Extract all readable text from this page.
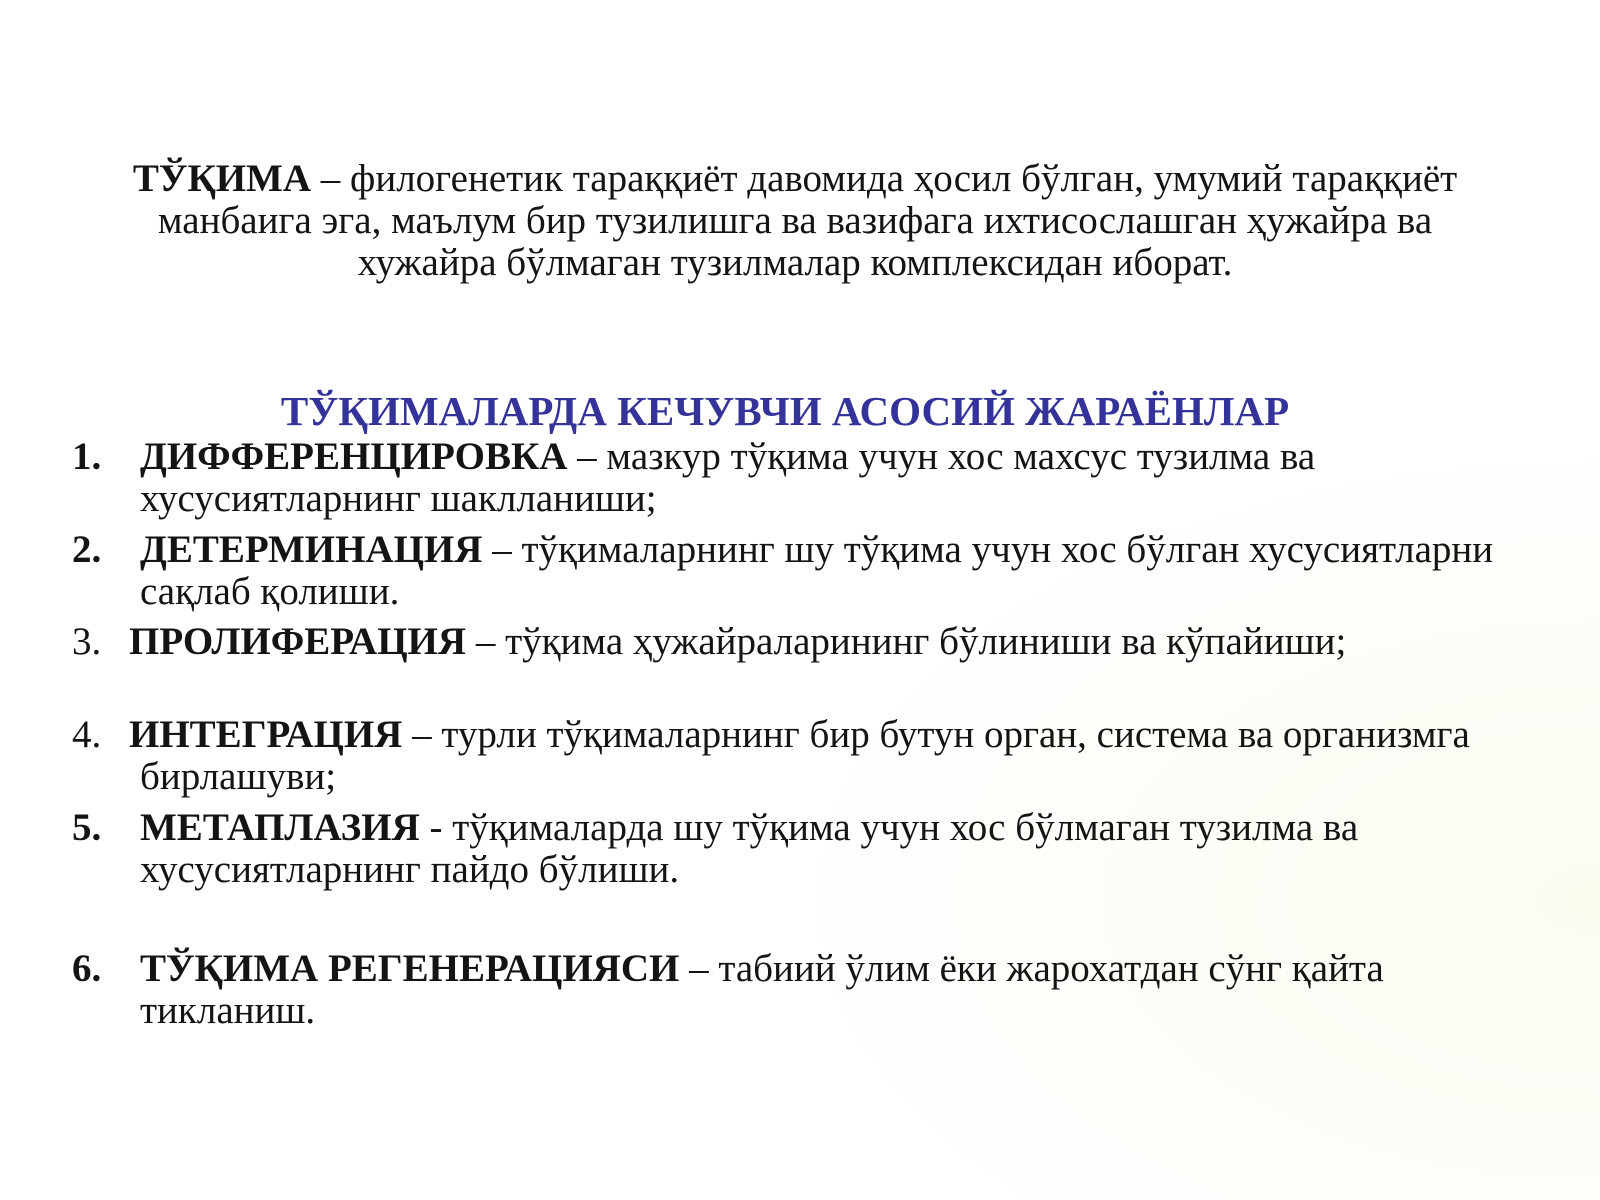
ТЎҚИМА – филогенетик тараққиёт давомида ҳосил бўлган, умумий тараққиёт манбаига эга, маълум бир тузилишга ва вазифага ихтисослашган ҳужайра ва хужайра бўлмаган тузилмалар комплексидан иборат.
ТЎҚИМАЛАРДА КЕЧУВЧИ АСОСИЙ ЖАРАЁНЛАР
1. ДИФФЕРЕНЦИРОВКА – мазкур тўқима учун хос махсус тузилма ва хусусиятларнинг шаклланиши;
2. ДЕТЕРМИНАЦИЯ – тўқималарнинг шу тўқима учун хос бўлган хусусиятларни сақлаб қолиши.
3. ПРОЛИФЕРАЦИЯ – тўқима ҳужайраларининг бўлиниши ва кўпайиши;
4. ИНТЕГРАЦИЯ – турли тўқималарнинг бир бутун орган, система ва организмга бирлашуви;
5. МЕТАПЛАЗИЯ - тўқималарда шу тўқима учун хос бўлмаган тузилма ва хусусиятларнинг пайдо бўлиши.
6. ТЎҚИМА РЕГЕНЕРАЦИЯСИ – табиий ўлим ёки жарохатдан сўнг қайта тикланиш.
